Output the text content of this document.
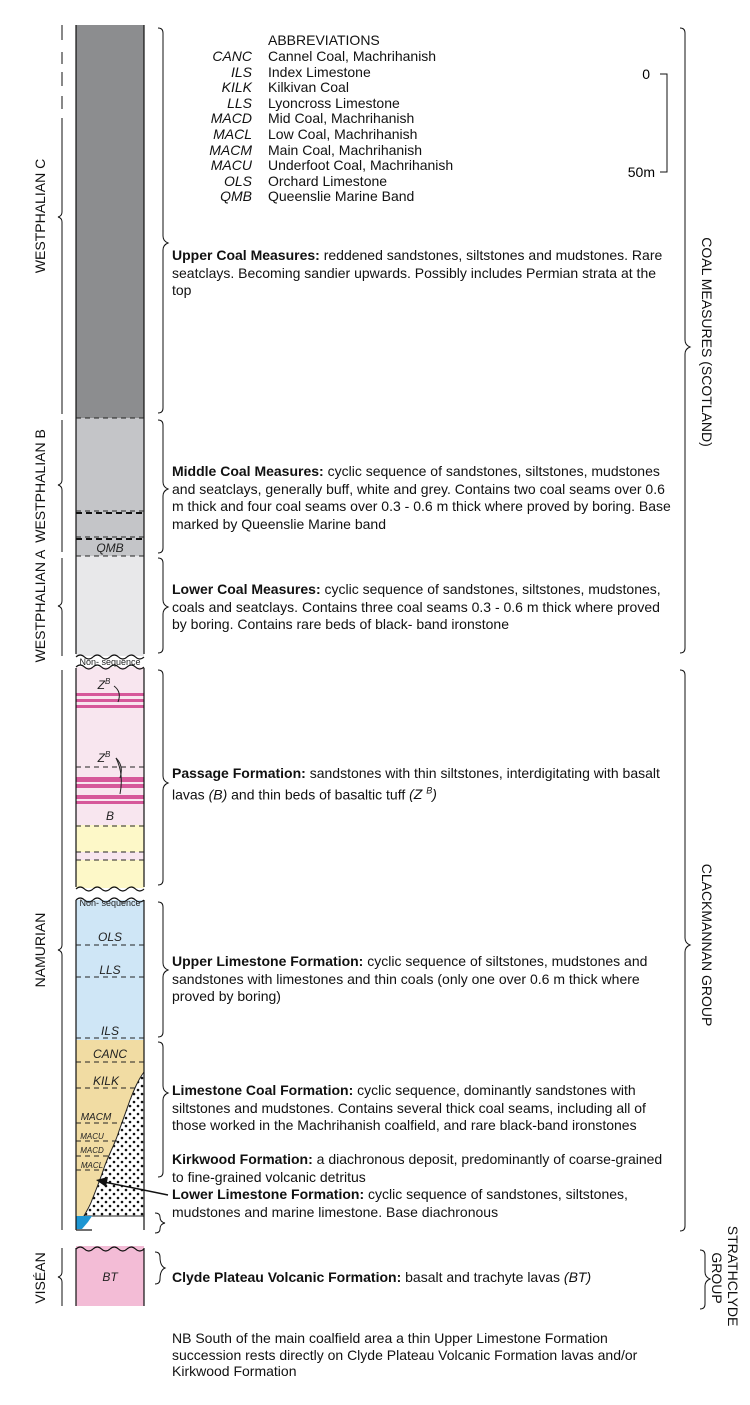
QMB
Non- sequence
$Z^B$
$Z^B$
B
OLS
LLS
ILS
CANC
KILK
MACM
MACU
MACD
MACL
BT
Non- sequence
0
50m
WESTPHALIAN C
WESTPHALIAN B
WESTPHALIAN A
NAMURIAN
VISÉAN
COAL MEASURES (SCOTLAND)
CLACKMANNAN GROUP
STRATHCLYDE GROUP
ABBREVIATIONS
CANC Cannel Coal, Machrihanish
ILS Index Limestone
KILK Kilkivan Coal
LLS Lyoncross Limestone
MACD Mid Coal, Machrihanish
MACL Low Coal, Machrihanish
MACM Main Coal, Machrihanish
MACU Underfoot Coal, Machrihanish
OLS Orchard Limestone
QMB Queenslie Marine Band
Upper Coal Measures: reddened sandstones, siltstones and mudstones. Rare seatclays. Becoming sandier upwards. Possibly includes Permian strata at the top
Middle Coal Measures: cyclic sequence of sandstones, siltstones, mudstones and seatclays, generally buff, white and grey. Contains two coal seams over 0.6 m thick and four coal seams over 0.3 - 0.6 m thick where proved by boring. Base marked by Queenslie Marine band
Lower Coal Measures: cyclic sequence of sandstones, siltstones, mudstones, coals and seatclays. Contains three coal seams 0.3 - 0.6 m thick where proved by boring. Contains rare beds of black- band ironstone
Passage Formation: sandstones with thin siltstones, interdigitating with basalt lavas (B) and thin beds of basaltic tuff (Z $^B$)
Upper Limestone Formation: cyclic sequence of siltstones, mudstones and sandstones with limestones and thin coals (only one over 0.6 m thick where proved by boring)
Limestone Coal Formation: cyclic sequence, dominantly sandstones with siltstones and mudstones. Contains several thick coal seams, including all of those worked in the Machrihanish coalfield, and rare black-band ironstones
Kirkwood Formation: a diachronous deposit, predominantly of coarse-grained to fine-grained volcanic detritus
Lower Limestone Formation: cyclic sequence of sandstones, siltstones, mudstones and marine limestone. Base diachronous
Clyde Plateau Volcanic Formation: basalt and trachyte lavas (BT)
NB South of the main coalfield area a thin Upper Limestone Formation succession rests directly on Clyde Plateau Volcanic Formation lavas and/or Kirkwood Formation
